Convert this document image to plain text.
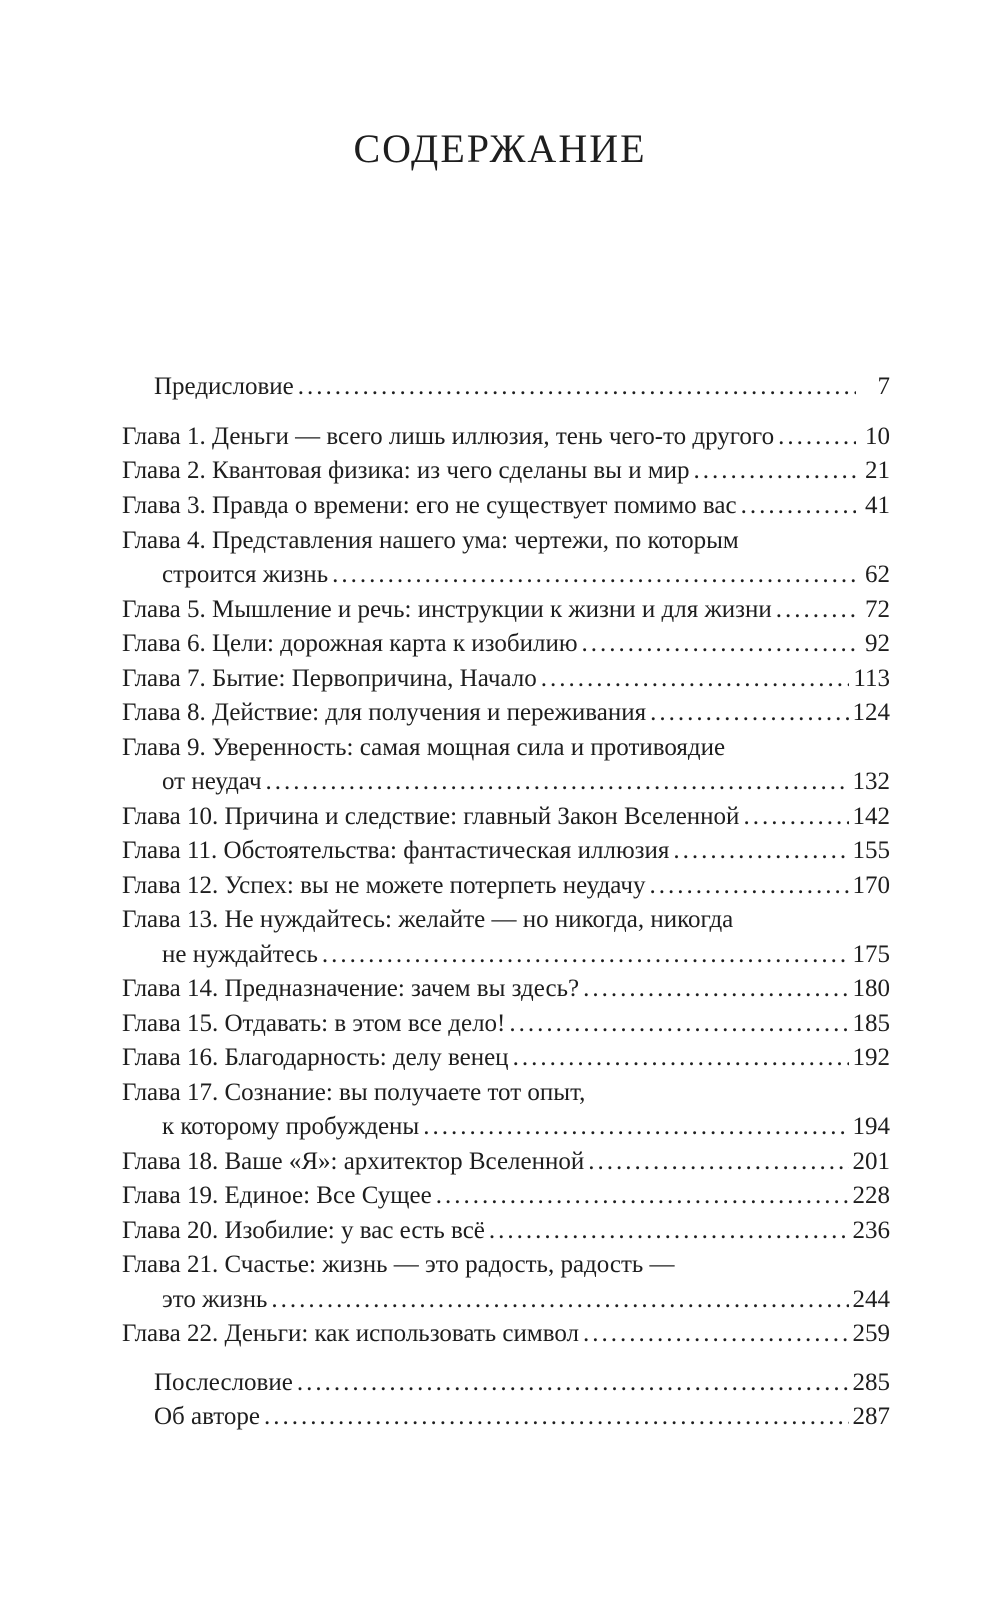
СОДЕРЖАНИЕ
Предисловие .....	7
Глава 1. Деньги — всего лишь иллюзия, тень чего-то другого .....	10
Глава 2. Квантовая физика: из чего сделаны вы и мир .....	21
Глава 3. Правда о времени: его не существует помимо вас .....	41
Глава 4. Представления нашего ума: чертежи, по которым
строится жизнь .....	62
Глава 5. Мышление и речь: инструкции к жизни и для жизни .....	72
Глава 6. Цели: дорожная карта к изобилию .....	92
Глава 7. Бытие: Первопричина, Начало .....	113
Глава 8. Действие: для получения и переживания .....	124
Глава 9. Уверенность: самая мощная сила и противоядие
от неудач .....	132
Глава 10. Причина и следствие: главный Закон Вселенной .....	142
Глава 11. Обстоятельства: фантастическая иллюзия .....	155
Глава 12. Успех: вы не можете потерпеть неудачу .....	170
Глава 13. Не нуждайтесь: желайте — но никогда, никогда
не нуждайтесь .....	175
Глава 14. Предназначение: зачем вы здесь? .....	180
Глава 15. Отдавать: в этом все дело! .....	185
Глава 16. Благодарность: делу венец .....	192
Глава 17. Сознание: вы получаете тот опыт,
к которому пробуждены .....	194
Глава 18. Ваше «Я»: архитектор Вселенной .....	201
Глава 19. Единое: Все Сущее .....	228
Глава 20. Изобилие: у вас есть всё .....	236
Глава 21. Счастье: жизнь — это радость, радость —
это жизнь .....	244
Глава 22. Деньги: как использовать символ .....	259
Послесловие .....	285
Об авторе .....	287
